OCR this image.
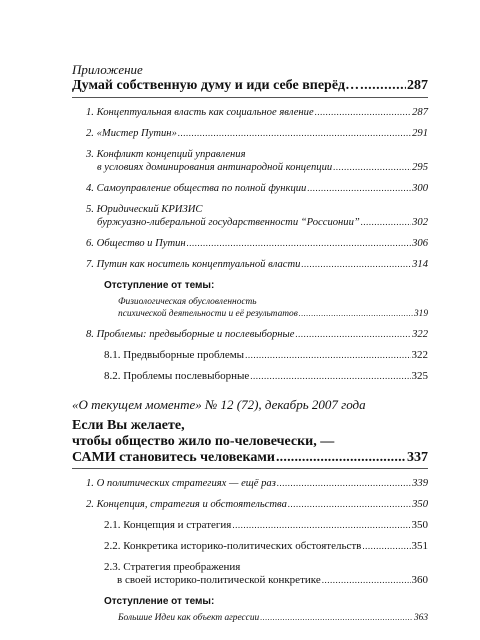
Приложение
Думай собственную думу и иди себе вперёд… .....	287
1. Концептуальная власть как социальное явление .....	287
2. «Мистер Путин» .....	291
3. Конфликт концепций управления
в условиях доминирования антинародной концепции .....	295
4. Самоуправление общества по полной функции .....	300
5. Юридический КРИЗИС
буржуазно-либеральной государственности “Россионии” .....	302
6. Общество и Путин .....	306
7. Путин как носитель концептуальной власти .....	314
Отступление от темы:
Физиологическая обусловленность
психической деятельности и её результатов .....	319
8. Проблемы: предвыборные и послевыборные .....	322
8.1. Предвыборные проблемы .....	322
8.2. Проблемы послевыборные .....	325
«О текущем моменте» № 12 (72), декабрь 2007 года
Если Вы желаете,
чтобы общество жило по-человечески, —
САМИ становитесь человеками .....	337
1. О политических стратегиях — ещё раз .....	339
2. Концепция, стратегия и обстоятельства .....	350
2.1. Концепция и стратегия .....	350
2.2. Конкретика историко-политических обстоятельств .....	351
2.3. Стратегия преображения
в своей историко-политической конкретике .....	360
Отступление от темы:
Большие Идеи как объект агрессии .....	363
